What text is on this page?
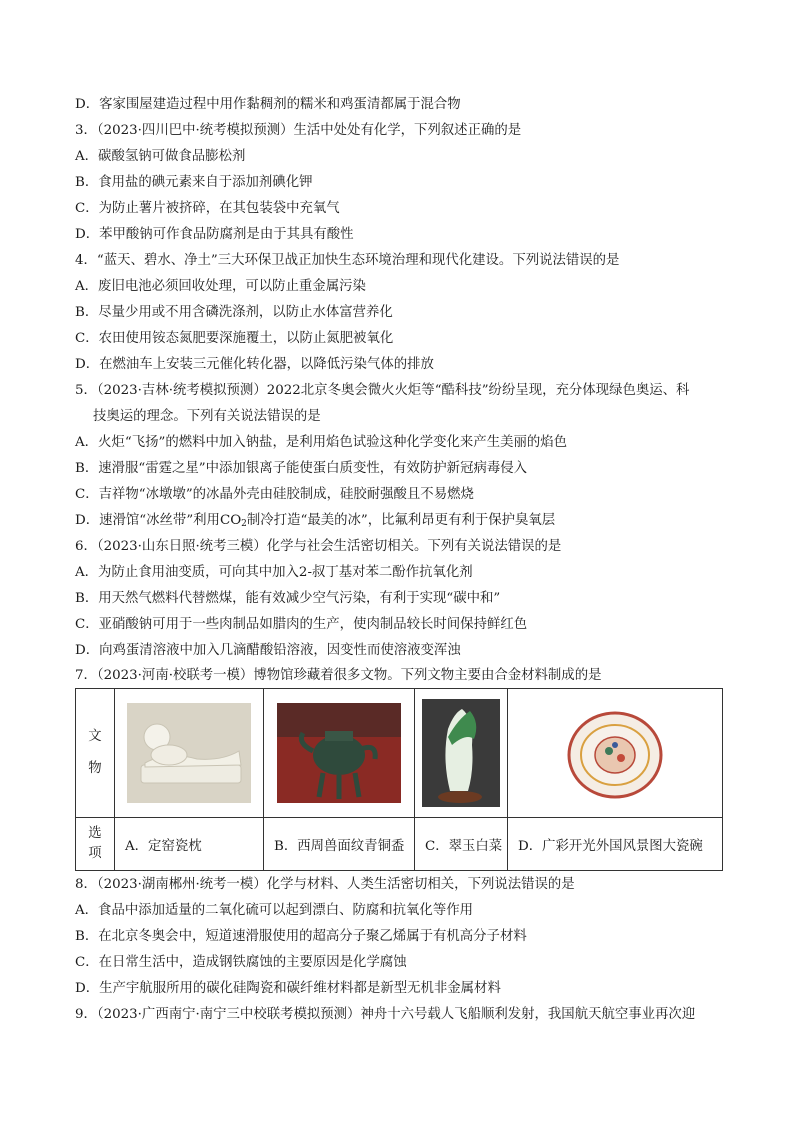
D．客家围屋建造过程中用作黏稠剂的糯米和鸡蛋清都属于混合物
3．（2023·四川巴中·统考模拟预测）生活中处处有化学，下列叙述正确的是
A．碳酸氢钠可做食品膨松剂
B．食用盐的碘元素来自于添加剂碘化钾
C．为防止薯片被挤碎，在其包装袋中充氧气
D．苯甲酸钠可作食品防腐剂是由于其具有酸性
4．“蓝天、碧水、净土”三大环保卫战正加快生态环境治理和现代化建设。下列说法错误的是
A．废旧电池必须回收处理，可以防止重金属污染
B．尽量少用或不用含磷洗涤剂，以防止水体富营养化
C．农田使用铵态氮肥要深施覆土，以防止氮肥被氧化
D．在燃油车上安装三元催化转化器，以降低污染气体的排放
5．（2023·吉林·统考模拟预测）2022北京冬奥会微火火炬等“酷科技”纷纷呈现，充分体现绿色奥运、科
技奥运的理念。下列有关说法错误的是
A．火炬“飞扬”的燃料中加入钠盐，是利用焰色试验这种化学变化来产生美丽的焰色
B．速滑服“雷霆之星”中添加银离子能使蛋白质变性，有效防护新冠病毒侵入
C．吉祥物“冰墩墩”的冰晶外壳由硅胶制成，硅胶耐强酸且不易燃烧
D．速滑馆“冰丝带”利用$CO_2$制冷打造“最美的冰”，比氟利昂更有利于保护臭氧层
6．（2023·山东日照·统考三模）化学与社会生活密切相关。下列有关说法错误的是
A．为防止食用油变质，可向其中加入2-叔丁基对苯二酚作抗氧化剂
B．用天然气燃料代替燃煤，能有效减少空气污染，有利于实现“碳中和”
C．亚硝酸钠可用于一些肉制品如腊肉的生产，使肉制品较长时间保持鲜红色
D．向鸡蛋清溶液中加入几滴醋酸铅溶液，因变性而使溶液变浑浊
7．（2023·河南·校联考一模）博物馆珍藏着很多文物。下列文物主要由合金材料制成的是
文
物

选
项	A．定窑瓷枕	B．西周兽面纹青铜盉	C．翠玉白菜	D．广彩开光外国风景图大瓷碗
8．（2023·湖南郴州·统考一模）化学与材料、人类生活密切相关，下列说法错误的是
A．食品中添加适量的二氧化硫可以起到漂白、防腐和抗氧化等作用
B．在北京冬奥会中，短道速滑服使用的超高分子聚乙烯属于有机高分子材料
C．在日常生活中，造成钢铁腐蚀的主要原因是化学腐蚀
D．生产宇航服所用的碳化硅陶瓷和碳纤维材料都是新型无机非金属材料
9．（2023·广西南宁·南宁三中校联考模拟预测）神舟十六号载人飞船顺利发射，我国航天航空事业再次迎
